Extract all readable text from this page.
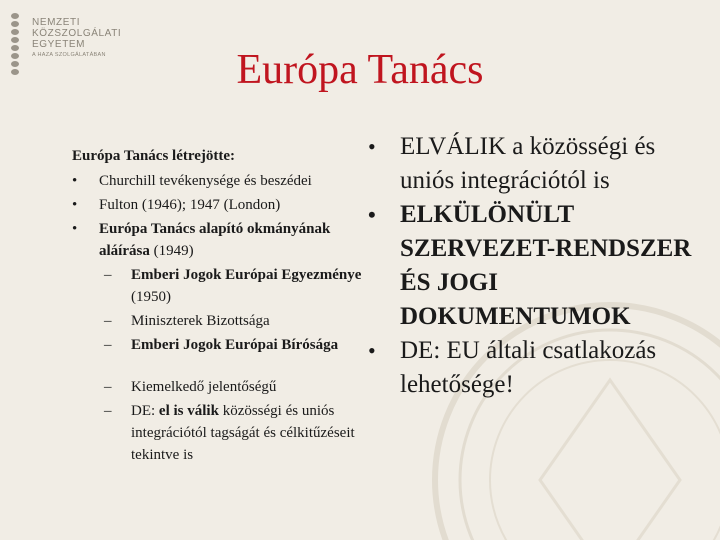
NEMZETI
KÖZSZOLGÁLATI
EGYETEM
A HAZA SZOLGÁLATÁBAN	Európa Tanács
Európa Tanács létrejötte:
• Churchill tevékenysége és beszédei
• Fulton (1946); 1947 (London)
• Európa Tanács alapító okmányának aláírása (1949)
– Emberi Jogok Európai Egyezménye (1950)
– Miniszterek Bizottsága
– Emberi Jogok Európai Bírósága
– Kiemelkedő jelentőségű
– DE: el is válik közösségi és uniós integrációtól tagságát és célkitűzéseit tekintve is
• ELVÁLIK a közösségi és uniós integrációtól is
• ELKÜLÖNÜLT SZERVEZET-RENDSZER ÉS JOGI DOKUMENTUMOK
• DE: EU általi csatlakozás lehetősége!
